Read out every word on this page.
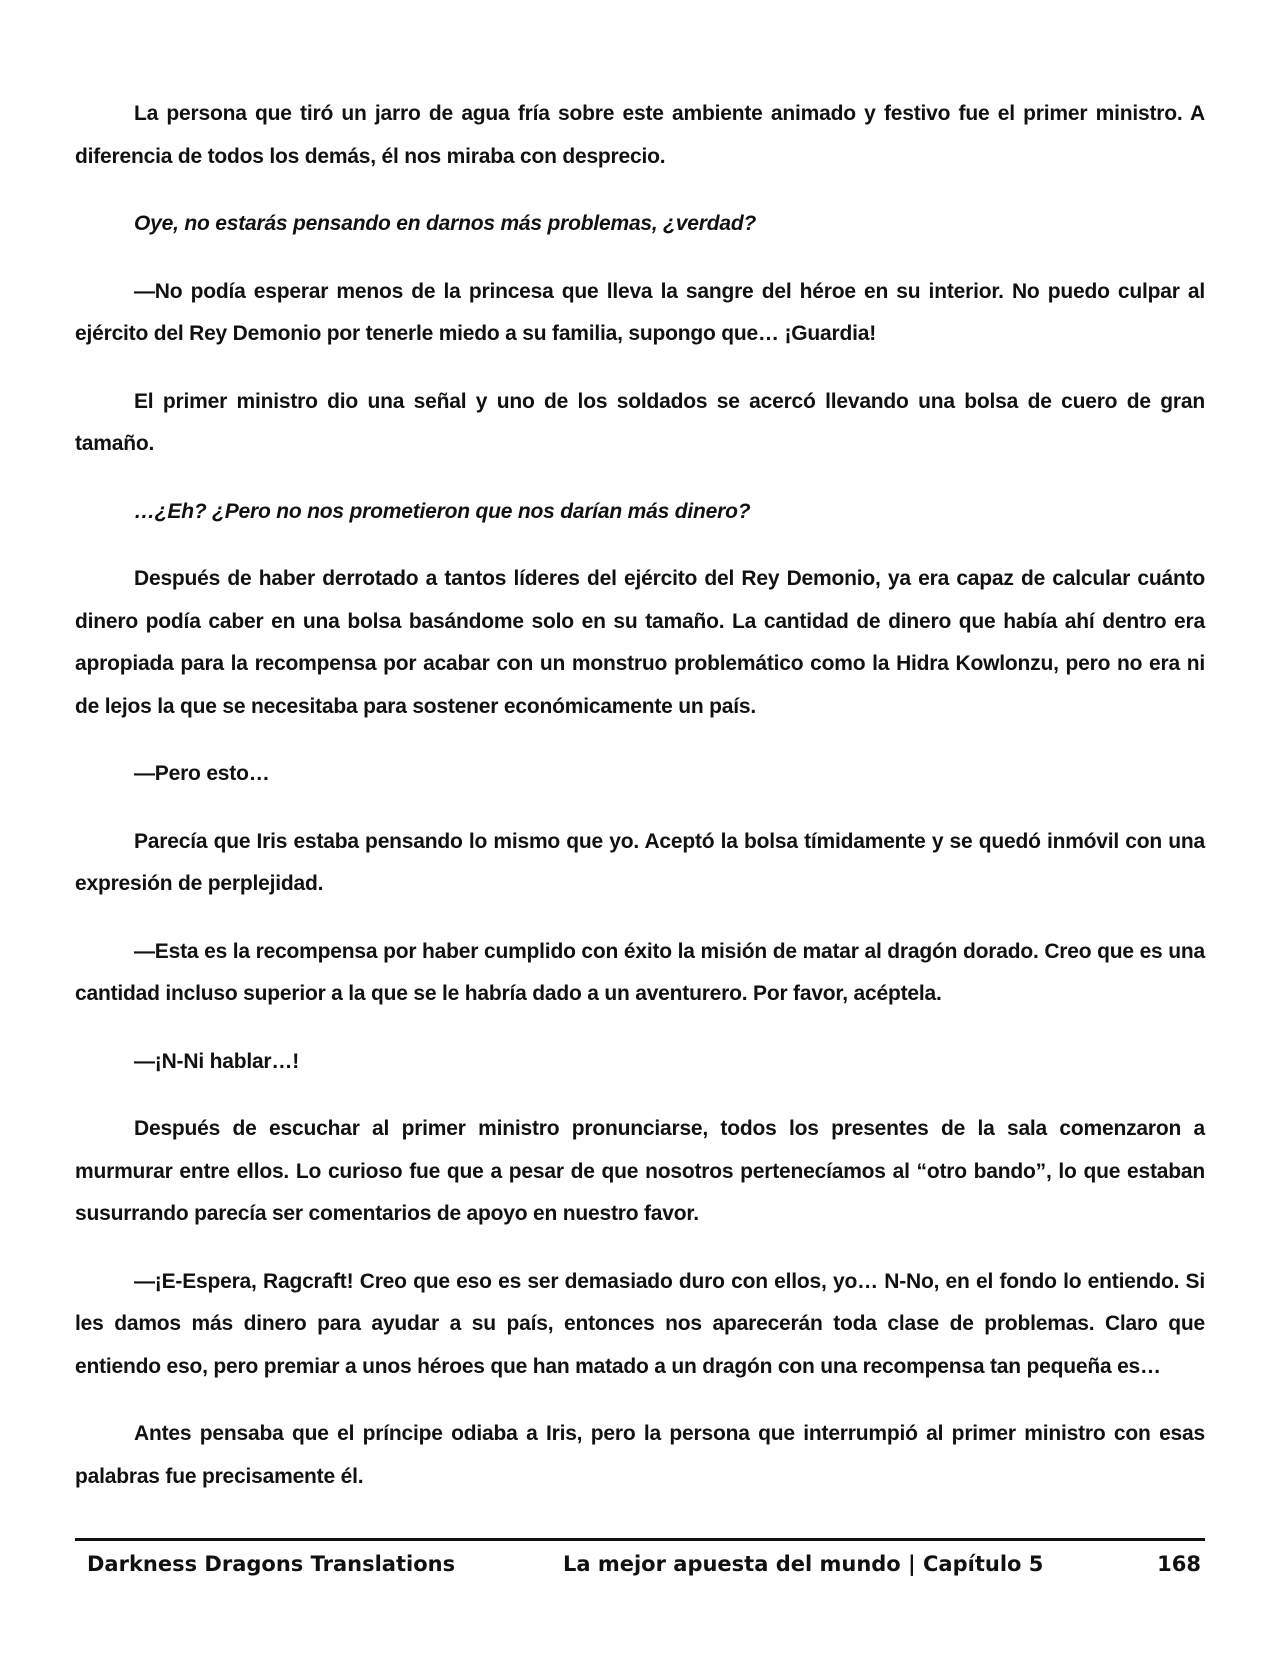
La persona que tiró un jarro de agua fría sobre este ambiente animado y festivo fue el primer ministro. A diferencia de todos los demás, él nos miraba con desprecio.

Oye, no estarás pensando en darnos más problemas, ¿verdad?

—No podía esperar menos de la princesa que lleva la sangre del héroe en su interior. No puedo culpar al ejército del Rey Demonio por tenerle miedo a su familia, supongo que… ¡Guardia!

El primer ministro dio una señal y uno de los soldados se acercó llevando una bolsa de cuero de gran tamaño.

…¿Eh? ¿Pero no nos prometieron que nos darían más dinero?

Después de haber derrotado a tantos líderes del ejército del Rey Demonio, ya era capaz de calcular cuánto dinero podía caber en una bolsa basándome solo en su tamaño. La cantidad de dinero que había ahí dentro era apropiada para la recompensa por acabar con un monstruo problemático como la Hidra Kowlonzu, pero no era ni de lejos la que se necesitaba para sostener económicamente un país.

—Pero esto…

Parecía que Iris estaba pensando lo mismo que yo. Aceptó la bolsa tímidamente y se quedó inmóvil con una expresión de perplejidad.

—Esta es la recompensa por haber cumplido con éxito la misión de matar al dragón dorado. Creo que es una cantidad incluso superior a la que se le habría dado a un aventurero. Por favor, acéptela.

—¡N-Ni hablar…!

Después de escuchar al primer ministro pronunciarse, todos los presentes de la sala comenzaron a murmurar entre ellos. Lo curioso fue que a pesar de que nosotros pertenecíamos al “otro bando”, lo que estaban susurrando parecía ser comentarios de apoyo en nuestro favor.

—¡E-Espera, Ragcraft! Creo que eso es ser demasiado duro con ellos, yo… N-No, en el fondo lo entiendo. Si les damos más dinero para ayudar a su país, entonces nos aparecerán toda clase de problemas. Claro que entiendo eso, pero premiar a unos héroes que han matado a un dragón con una recompensa tan pequeña es…

Antes pensaba que el príncipe odiaba a Iris, pero la persona que interrumpió al primer ministro con esas palabras fue precisamente él.

Darkness Dragons Translations	La mejor apuesta del mundo | Capítulo 5	168
